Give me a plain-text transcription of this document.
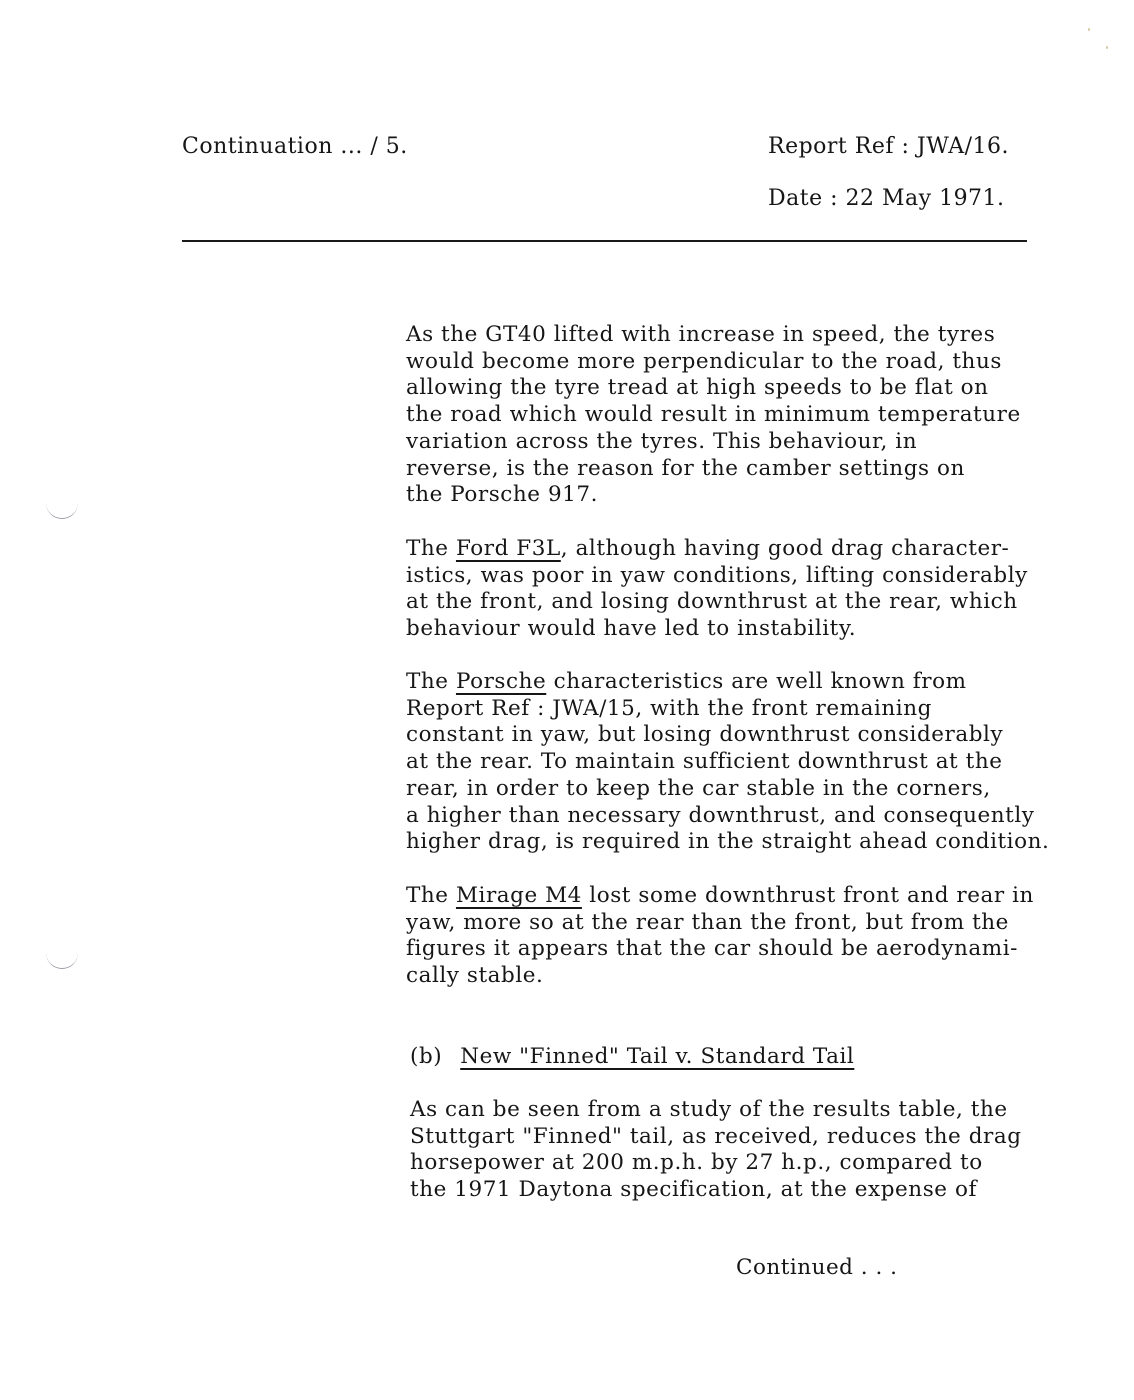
Continuation ... / 5.	Report Ref : JWA/16.
Date : 22 May 1971.
As the GT40 lifted with increase in speed, the tyres
would become more perpendicular to the road, thus
allowing the tyre tread at high speeds to be flat on
the road which would result in minimum temperature
variation across the tyres. This behaviour, in
reverse, is the reason for the camber settings on
the Porsche 917.
The Ford F3L, although having good drag character-
istics, was poor in yaw conditions, lifting considerably
at the front, and losing downthrust at the rear, which
behaviour would have led to instability.
The Porsche characteristics are well known from
Report Ref : JWA/15, with the front remaining
constant in yaw, but losing downthrust considerably
at the rear. To maintain sufficient downthrust at the
rear, in order to keep the car stable in the corners,
a higher than necessary downthrust, and consequently
higher drag, is required in the straight ahead condition.
The Mirage M4 lost some downthrust front and rear in
yaw, more so at the rear than the front, but from the
figures it appears that the car should be aerodynami-
cally stable.
(b) New "Finned" Tail v. Standard Tail
As can be seen from a study of the results table, the
Stuttgart "Finned" tail, as received, reduces the drag
horsepower at 200 m.p.h. by 27 h.p., compared to
the 1971 Daytona specification, at the expense of
Continued . . .
